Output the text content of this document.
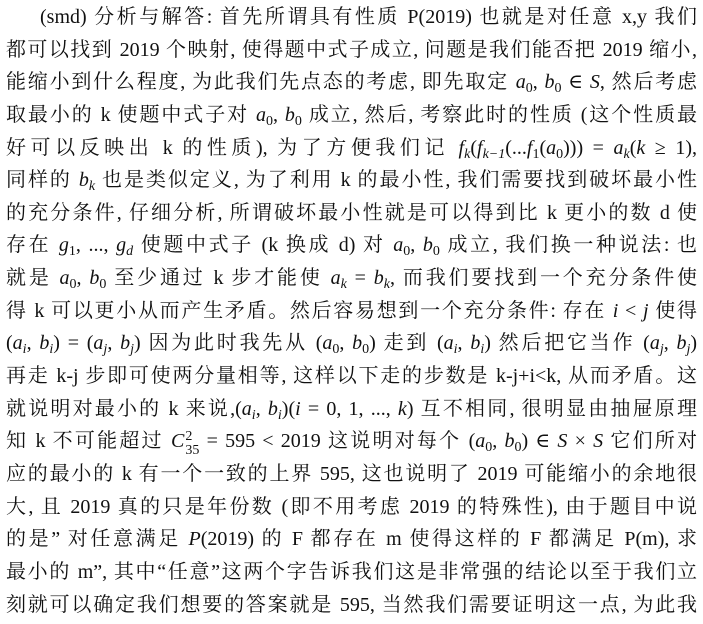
(smd) 分析与解答: 首先所谓具有性质 P(2019) 也就是对任意 x,y 我们
都可以找到 2019 个映射, 使得题中式子成立, 问题是我们能否把 2019 缩小,
能缩小到什么程度, 为此我们先点态的考虑, 即先取定 $a_0$, $b_0$ ∈ S, 然后考虑
取最小的 k 使题中式子对 $a_0$, $b_0$ 成立, 然后, 考察此时的性质 (这个性质最
好可以反映出 k 的性质), 为了方便我们记 $f_k(f_{k-1}(...f_1(a_0))) = a_k(k \ge 1)$,
同样的 $b_k$ 也是类似定义, 为了利用 k 的最小性, 我们需要找到破坏最小性
的充分条件, 仔细分析, 所谓破坏最小性就是可以得到比 k 更小的数 d 使
存在 $g_1$, ..., $g_d$ 使题中式子 (k 换成 d) 对 $a_0$, $b_0$ 成立, 我们换一种说法: 也
就是 $a_0$, $b_0$ 至少通过 k 步才能使 $a_k = b_k$, 而我们要找到一个充分条件使
得 k 可以更小从而产生矛盾。然后容易想到一个充分条件: 存在 i < j 使得
($a_i$, $b_i) = (a_j$, $b_j$) 因为此时我先从 ($a_0$, $b_0$) 走到 ($a_i$, $b_i$) 然后把它当作 ($a_j$, $b_j$)
再走 k-j 步即可使两分量相等, 这样以下走的步数是 k-j+i<k, 从而矛盾。这
就说明对最小的 k 来说$,(a_i$, $b_i)(i = 0$, 1, ..., k) 互不相同, 很明显由抽屉原理
知 k 不可能超过 C 2
35 = 595 < 2019 这说明对每个 ($a_0$, $b_0$) ∈ S × S 它们所对
应的最小的 k 有一个一致的上界 595, 这也说明了 2019 可能缩小的余地很
大, 且 2019 真的只是年份数 (即不用考虑 2019 的特殊性), 由于题目中说
的是” 对任意满足 P(2019) 的 F 都存在 m 使得这样的 F 都满足 P(m), 求
最小的 m”, 其中“任意”这两个字告诉我们这是非常强的结论以至于我们立
刻就可以确定我们想要的答案就是 595, 当然我们需要证明这一点, 为此我
